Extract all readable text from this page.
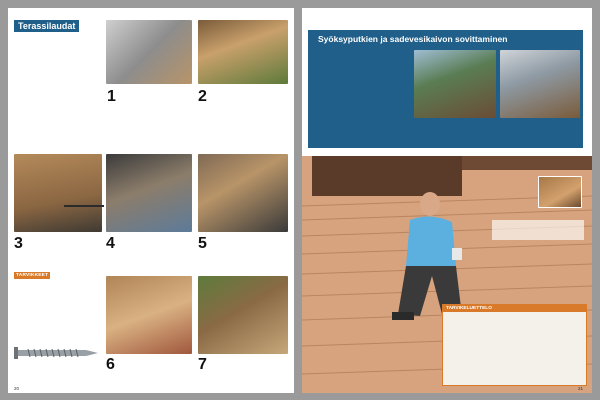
Terassilaudat
1	2
3	4	5
TARVIKKEET
6	7
20
Syöksyputkien ja sadevesikaivon sovittaminen
TARVIKELUETTELO
21
